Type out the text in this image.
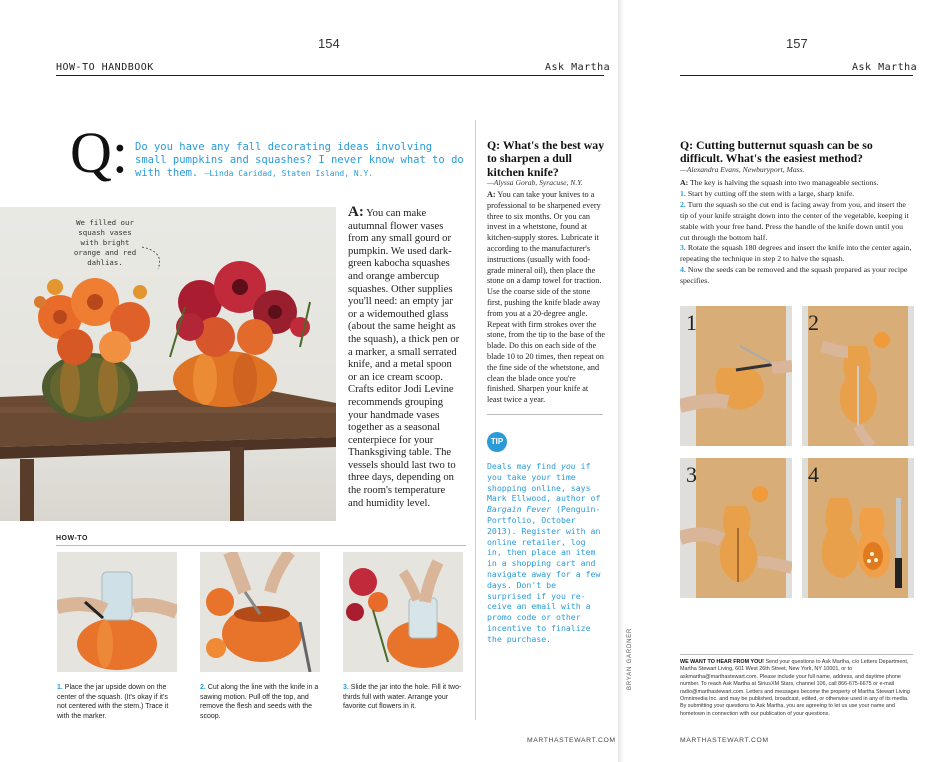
154
HOW-TO HANDBOOK	Ask Martha
Q: Do you have any fall decorating ideas involving small pumpkins and squashes? I never know what to do with them. —Linda Caridad, Staten Island, N.Y.
We filled our squash vases with bright orange and red dahlias.
A: You can make autumnal flower vases from any small gourd or pumpkin. We used dark-green kabocha squashes and orange ambercup squashes. Other supplies you'll need: an empty jar or a widemouthed glass (about the same height as the squash), a thick pen or a marker, a small serrated knife, and a metal spoon or an ice cream scoop. Crafts editor Jodi Levine recommends grouping your handmade vases together as a seasonal centerpiece for your Thanksgiving table. The vessels should last two to three days, depending on the room's temperature and humidity level.
HOW-TO
1. Place the jar upside down on the center of the squash. (It's okay if it's not centered with the stem.) Trace it with the marker.
2. Cut along the line with the knife in a sawing motion. Pull off the top, and remove the flesh and seeds with the scoop.
3. Slide the jar into the hole. Fill it two-thirds full with water. Arrange your favorite cut flowers in it.
Q: What's the best way to sharpen a dull kitchen knife?
—Alyssa Gorab, Syracuse, N.Y.
A: You can take your knives to a professional to be sharpened every three to six months. Or you can invest in a whetstone, found at kitchen-supply stores. Lubricate it according to the manufacturer's instructions (usually with food-grade mineral oil), then place the stone on a damp towel for traction. Use the coarse side of the stone first, pushing the knife blade away from you at a 20-degree angle. Repeat with firm strokes over the stone, from the tip to the base of the blade. Do this on each side of the blade 10 to 20 times, then repeat on the fine side of the whetstone, and clean the blade once you're finished. Sharpen your knife at least twice a year.
TIP
Deals may find you if you take your time shopping online, says Mark Ellwood, author of Bargain Fever (Penguin-Portfolio, October 2013). Register with an online retailer, log in, then place an item in a shopping cart and navigate away for a few days. Don't be surprised if you receive an email with a promo code or other incentive to finalize the purchase.	BRYAN GARDNER
MARTHASTEWART.COM
157
Ask Martha
Q: Cutting butternut squash can be so difficult. What's the easiest method?
—Alexandra Evans, Newburyport, Mass.
A: The key is halving the squash into two manageable sections.
1. Start by cutting off the stem with a large, sharp knife.
2. Turn the squash so the cut end is facing away from you, and insert the tip of your knife straight down into the center of the vegetable, keeping it stable with your free hand. Press the handle of the knife down until you cut through the bottom half.
3. Rotate the squash 180 degrees and insert the knife into the center again, repeating the technique in step 2 to halve the squash.
4. Now the seeds can be removed and the squash prepared as your recipe specifies.
1	2
3	4
WE WANT TO HEAR FROM YOU! Send your questions to Ask Martha, c/o Letters Department, Martha Stewart Living, 601 West 26th Street, New York, NY 10001, or to askmartha@marthastewart.com. Please include your full name, address, and daytime phone number. To reach Ask Martha at SiriusXM Stars, channel 106, call 866-675-6675 or e-mail radio@marthastewart.com. Letters and messages become the property of Martha Stewart Living Omnimedia Inc. and may be published, broadcast, edited, or otherwise used in any of its media. By submitting your questions to Ask Martha, you are agreeing to let us use your name and hometown in connection with our publication of your questions.
MARTHASTEWART.COM
